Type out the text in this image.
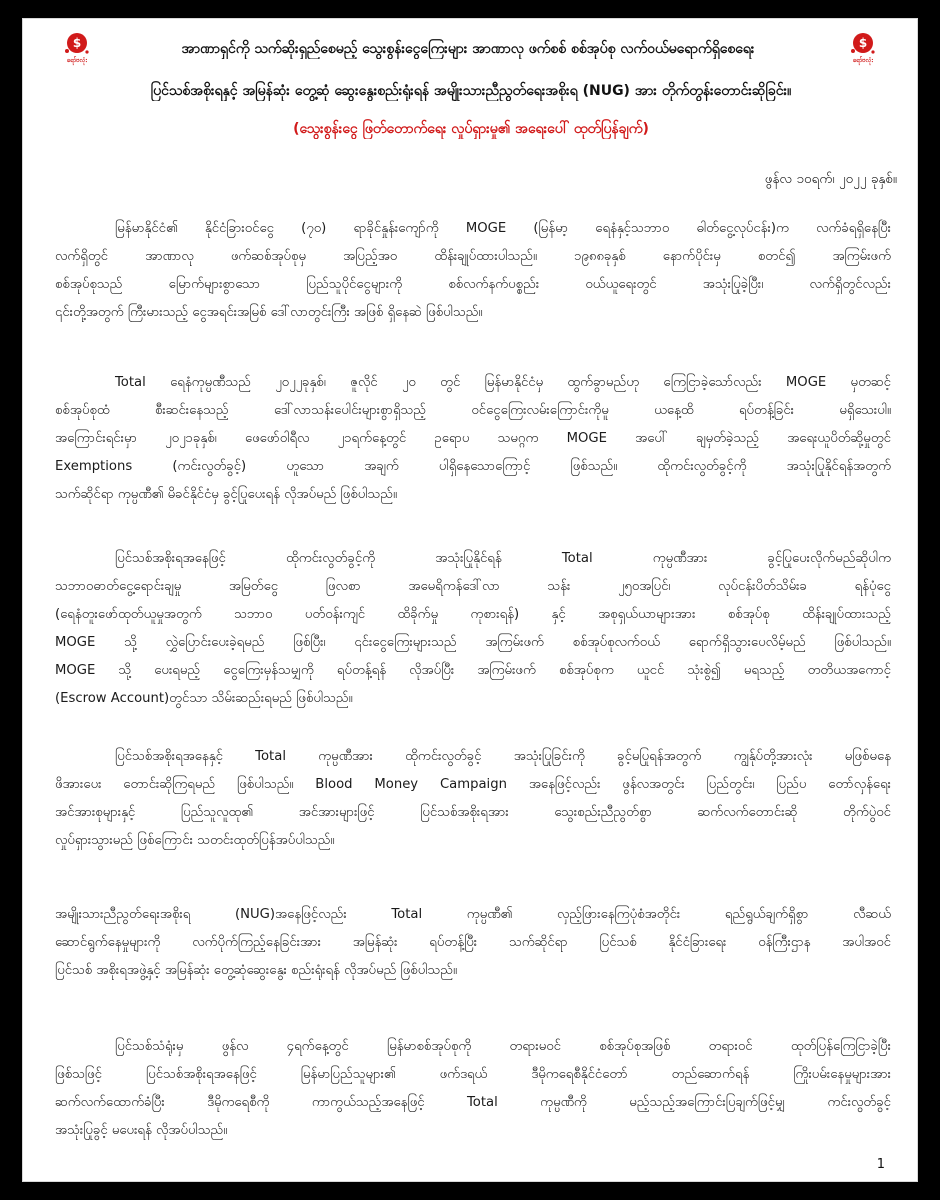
$
ရော်ဗလုံး
$
ရော်ဗလုံး
အာဏာရှင်ကို သက်ဆိုးရှည်စေမည့် သွေးစွန်းငွေကြေးများ အာဏာလု ဖက်စစ် စစ်အုပ်စု လက်ဝယ်မရောက်ရှိစေရေး
ပြင်သစ်အစိုးရနှင့် အမြန်ဆုံး တွေ့ဆုံ ဆွေးနွေးစည်းရုံးရန် အမျိုးသားညီညွတ်ရေးအစိုးရ (NUG) အား တိုက်တွန်းတောင်းဆိုခြင်း။
(သွေးစွန်းငွေ ဖြတ်တောက်ရေး လှုပ်ရှားမှု၏ အရေးပေါ် ထုတ်ပြန်ချက်)
ဖွန်လ ၁၀ရက်၊ ၂၀၂၂ ခုနှစ်။
မြန်မာနိုင်ငံ၏ နိုင်ငံခြားဝင်ငွေ (၇၀) ရာခိုင်နှုန်းကျော်ကို MOGE (မြန်မာ့ ရေနံနှင့်သဘာဝ ဓါတ်ငွေ့လုပ်ငန်း)က လက်ခံရရှိနေပြီး
လက်ရှိတွင် အာဏာလု ဖက်ဆစ်အုပ်စုမှ အပြည့်အဝ ထိန်းချုပ်ထားပါသည်။ ၁၉၈၈ခုနှစ် နောက်ပိုင်းမှ စတင်၍ အကြမ်းဖက်
စစ်အုပ်စုသည် မြောက်များစွာသော ပြည်သူပိုင်ငွေများကို စစ်လက်နက်ပစ္စည်း ဝယ်ယူရေးတွင် အသုံးပြုခဲ့ပြီး၊ လက်ရှိတွင်လည်း
၎င်းတို့အတွက် ကြီးမားသည့် ငွေအရင်းအမြစ် ဒေါ်လာတွင်းကြီး အဖြစ် ရှိနေဆဲ ဖြစ်ပါသည်။
Total ရေနံကုမ္ပဏီသည် ၂၀၂၂ခုနှစ်၊ ဇူလိုင် ၂၀ တွင် မြန်မာနိုင်ငံမှ ထွက်ခွာမည်ဟု ကြေငြာခဲ့သော်လည်း MOGE မှတဆင့်
စစ်အုပ်စုထံ စီးဆင်းနေသည့် ဒေါ်လာသန်းပေါင်းများစွာရှိသည့် ဝင်ငွေကြေးလမ်းကြောင်းကိုမူ ယနေ့ထိ ရပ်တန့်ခြင်း မရှိသေးပါ။
အကြောင်းရင်းမှာ ၂၀၂၁ခုနှစ်၊ ဖေဖော်ဝါရီလ ၂၁ရက်နေ့တွင် ဥရောပ သမဂ္ဂက MOGE အပေါ် ချမှတ်ခဲ့သည့် အရေးယူပိတ်ဆို့မှုတွင်
Exemptions (ကင်းလွတ်ခွင့်) ဟူသော အချက် ပါရှိနေသောကြောင့် ဖြစ်သည်။ ထိုကင်းလွတ်ခွင့်ကို အသုံးပြုနိုင်ရန်အတွက်
သက်ဆိုင်ရာ ကုမ္ပဏီ၏ မိခင်နိုင်ငံမှ ခွင့်ပြုပေးရန် လိုအပ်မည် ဖြစ်ပါသည်။
ပြင်သစ်အစိုးရအနေဖြင့် ထိုကင်းလွတ်ခွင့်ကို အသုံးပြုနိုင်ရန် Total ကုမ္ပဏီအား ခွင့်ပြုပေးလိုက်မည်ဆိုပါက
သဘာဝဓာတ်ငွေ့ရောင်းချမှု အမြတ်ငွေ ဖြလစာ အမေရိကန်ဒေါ်လာ သန်း ၂၅၀အပြင်၊ လုပ်ငန်းပိတ်သိမ်းခ ရန်ပုံငွေ
(ရေနံတူးဖော်ထုတ်ယူမှုအတွက် သဘာဝ ပတ်ဝန်းကျင် ထိခိုက်မှု ကုစားရန်) နှင့် အစုရှယ်ယာများအား စစ်အုပ်စု ထိန်းချုပ်ထားသည့်
MOGE သို့ လွှဲပြောင်းပေးခဲ့ရမည် ဖြစ်ပြီး၊ ၎င်းငွေကြေးများသည် အကြမ်းဖက် စစ်အုပ်စုလက်ဝယ် ရောက်ရှိသွားပေလိမ့်မည် ဖြစ်ပါသည်။
MOGE သို့ ပေးရမည့် ငွေကြေးမှန်သမျှကို ရပ်တန့်ရန် လိုအပ်ပြီး အကြမ်းဖက် စစ်အုပ်စုက ယူငင် သုံးစွဲ၍ မရသည့် တတိယအကောင့်
(Escrow Account)တွင်သာ သိမ်းဆည်းရမည် ဖြစ်ပါသည်။
ပြင်သစ်အစိုးရအနေနှင့် Total ကုမ္ပဏီအား ထိုကင်းလွတ်ခွင့် အသုံးပြုခြင်းကို ခွင့်မပြုရန်အတွက် ကျွန်ုပ်တို့အားလုံး မဖြစ်မနေ
ဖိအားပေး တောင်းဆိုကြရမည် ဖြစ်ပါသည်။ Blood Money Campaign အနေဖြင့်လည်း ဖွန်လအတွင်း ပြည်တွင်း၊ ပြည်ပ တော်လှန်ရေး
အင်အားစုများနှင့် ပြည်သူလူထု၏ အင်အားများဖြင့် ပြင်သစ်အစိုးရအား သွေးစည်းညီညွတ်စွာ ဆက်လက်တောင်းဆို တိုက်ပွဲဝင်
လှုပ်ရှားသွားမည် ဖြစ်ကြောင်း သတင်းထုတ်ပြန်အပ်ပါသည်။
အမျိုးသားညီညွတ်ရေးအစိုးရ (NUG)အနေဖြင့်လည်း Total ကုမ္ပဏီ၏ လှည့်ဖြားနေကြပုံစံအတိုင်း ရည်ရွယ်ချက်ရှိစွာ လီဆယ်
ဆောင်ရွက်နေမှုများကို လက်ပိုက်ကြည့်နေခြင်းအား အမြန်ဆုံး ရပ်တန့်ပြီး သက်ဆိုင်ရာ ပြင်သစ် နိုင်ငံခြားရေး ဝန်ကြီးဌာန အပါအဝင်
ပြင်သစ် အစိုးရအဖွဲ့နှင့် အမြန်ဆုံး တွေ့ဆုံဆွေးနွေး စည်းရုံးရန် လိုအပ်မည် ဖြစ်ပါသည်။
ပြင်သစ်သံရုံးမှ ဖွန်လ ၄ရက်နေ့တွင် မြန်မာစစ်အုပ်စုကို တရားမဝင် စစ်အုပ်စုအဖြစ် တရားဝင် ထုတ်ပြန်ကြေငြာခဲ့ပြီး
ဖြစ်သဖြင့် ပြင်သစ်အစိုးရအနေဖြင့် မြန်မာပြည်သူများ၏ ဖက်ဒရယ် ဒီမိုကရေစီနိုင်ငံတော် တည်ဆောက်ရန် ကြိုးပမ်းနေမှုများအား
ဆက်လက်ထောက်ခံပြီး ဒီမိုကရေစီကို ကာကွယ်သည့်အနေဖြင့် Total ကုမ္ပဏီကို မည့်သည့်အကြောင်းပြချက်ဖြင့်မျှ ကင်းလွတ်ခွင့်
အသုံးပြုခွင့် မပေးရန် လိုအပ်ပါသည်။
1
